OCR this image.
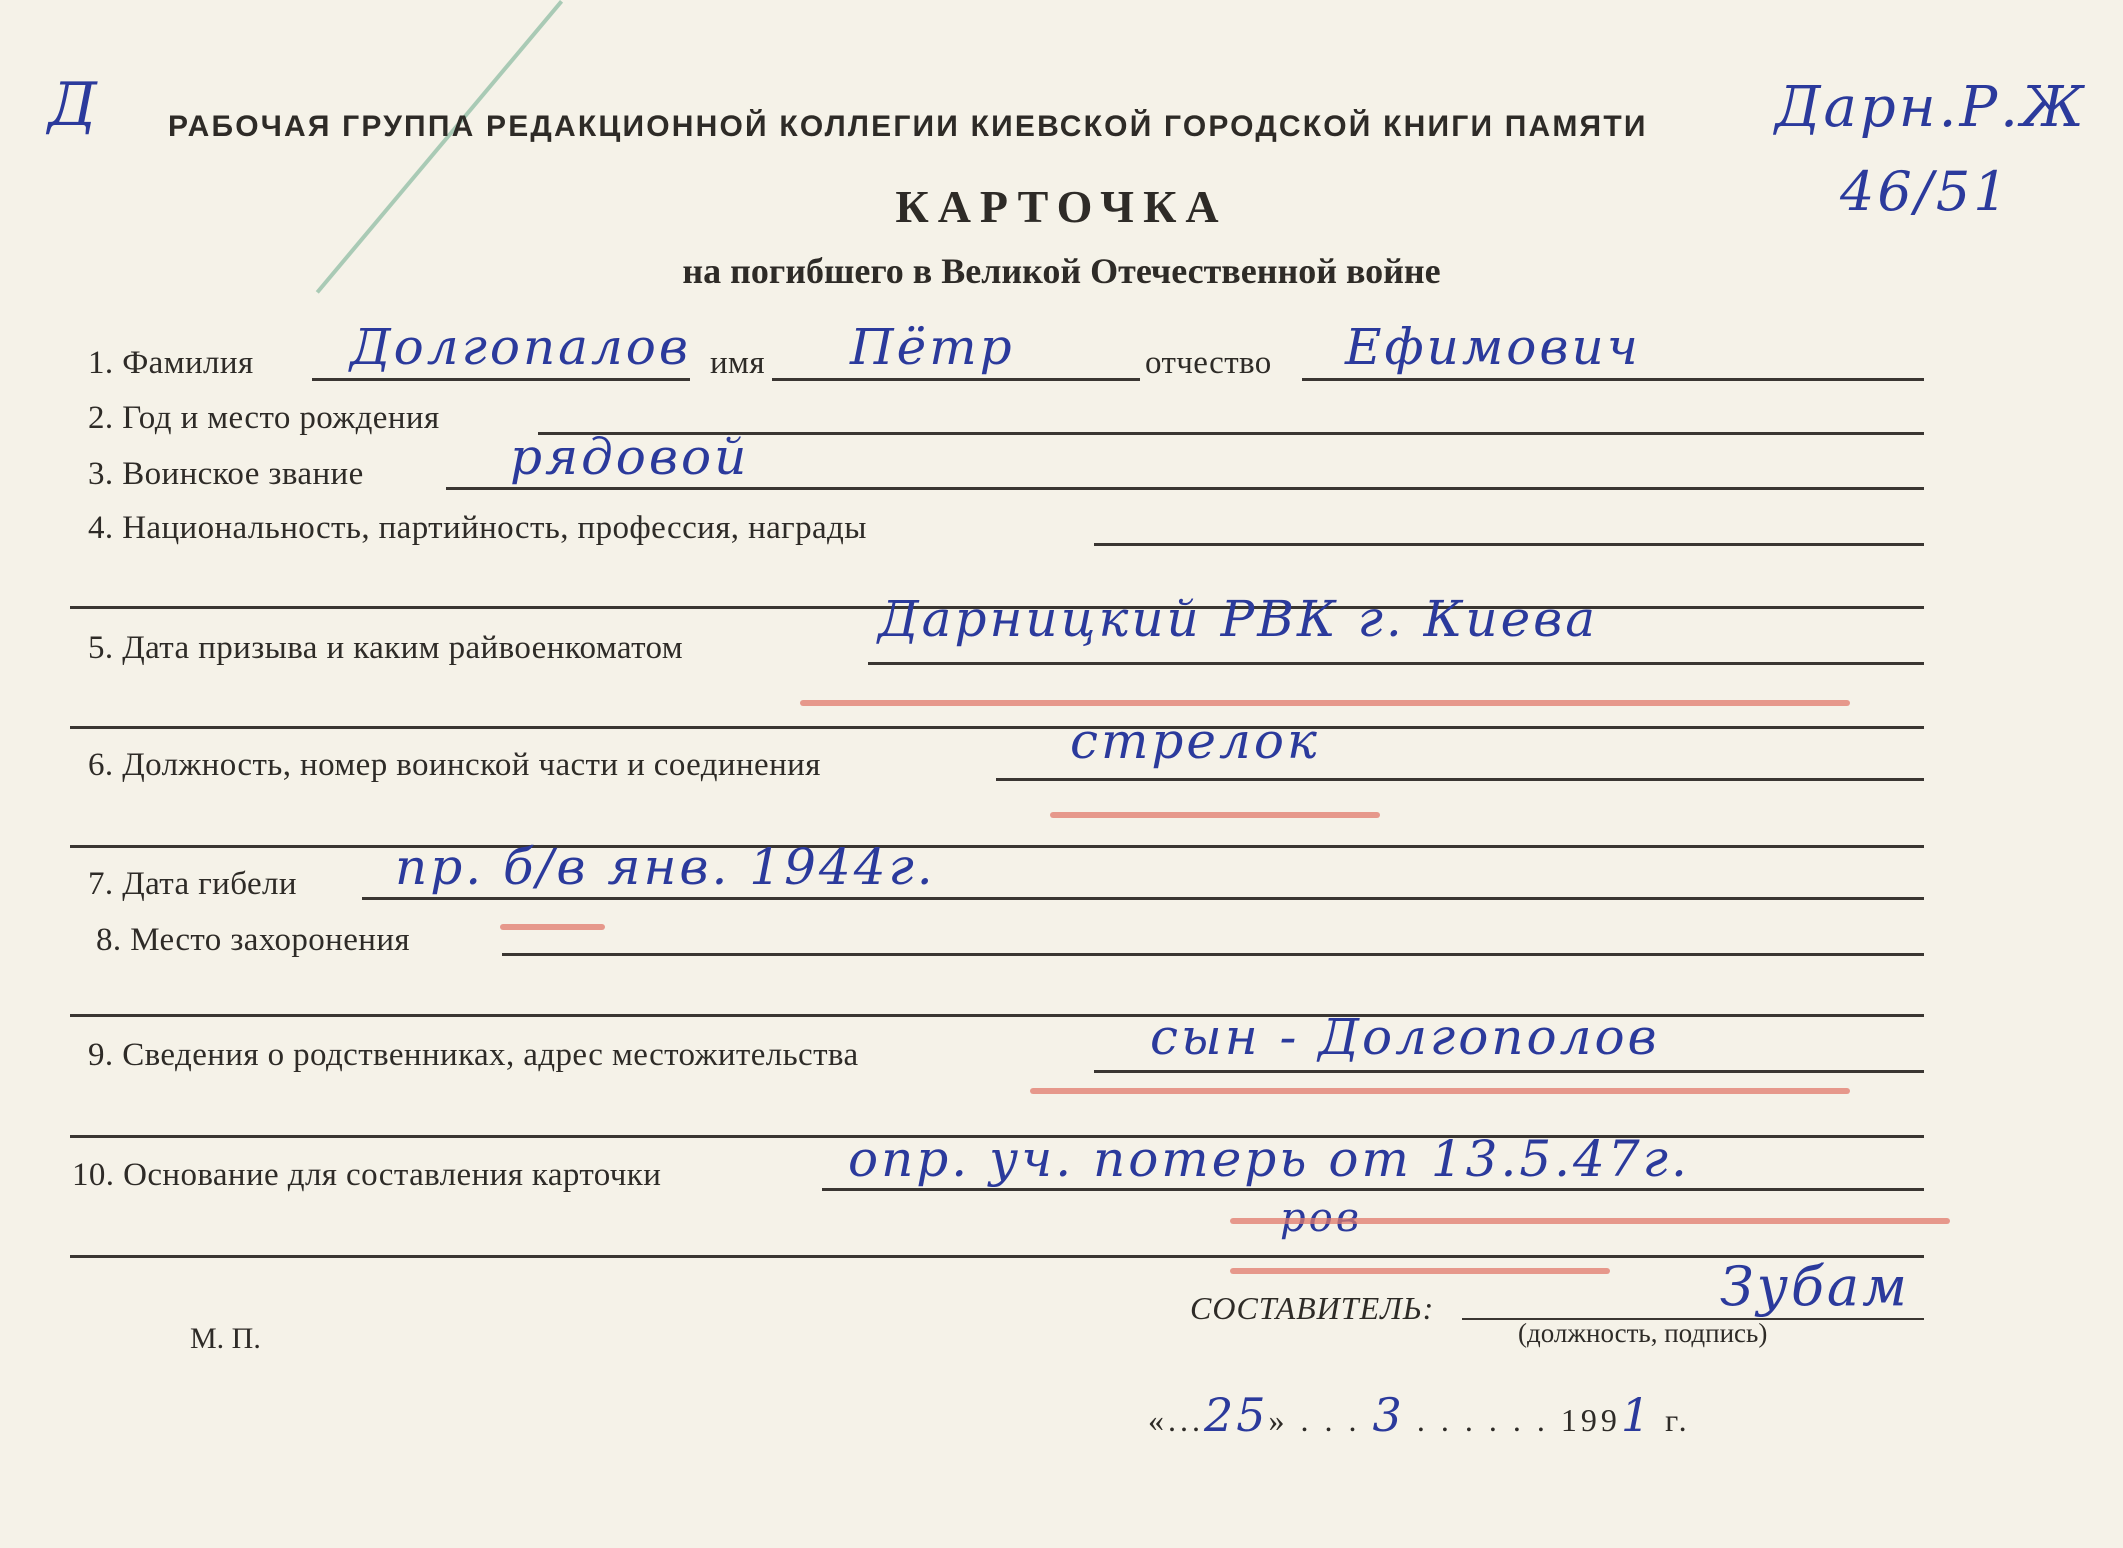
Д	Дарн.Р.Ж
46/51
РАБОЧАЯ ГРУППА РЕДАКЦИОННОЙ КОЛЛЕГИИ КИЕВСКОЙ ГОРОДСКОЙ КНИГИ ПАМЯТИ
КАРТОЧКА
на погибшего в Великой Отечественной войне
1. Фамилия Долгопалов имя Пётр	отчество Ефимович
2. Год и место рождения
3. Воинское звание	рядовой
4. Национальность, партийность, профессия, награды
5. Дата призыва и каким райвоенкоматом	Дарницкий РВК г. Киева
6. Должность, номер воинской части и соединения	стрелок
7. Дата гибели пр. б/в янв. 1944г.
8. Место захоронения
9. Сведения о родственниках, адрес местожительства	сын - Долгополов
10. Основание для составления карточки	опр. уч. потерь от 13.5.47г.
М. П.
СОСТАВИТЕЛЬ:	Зубам
(должность, подпись)
«...25» . . . 3 . . . . . . 1991 г.
